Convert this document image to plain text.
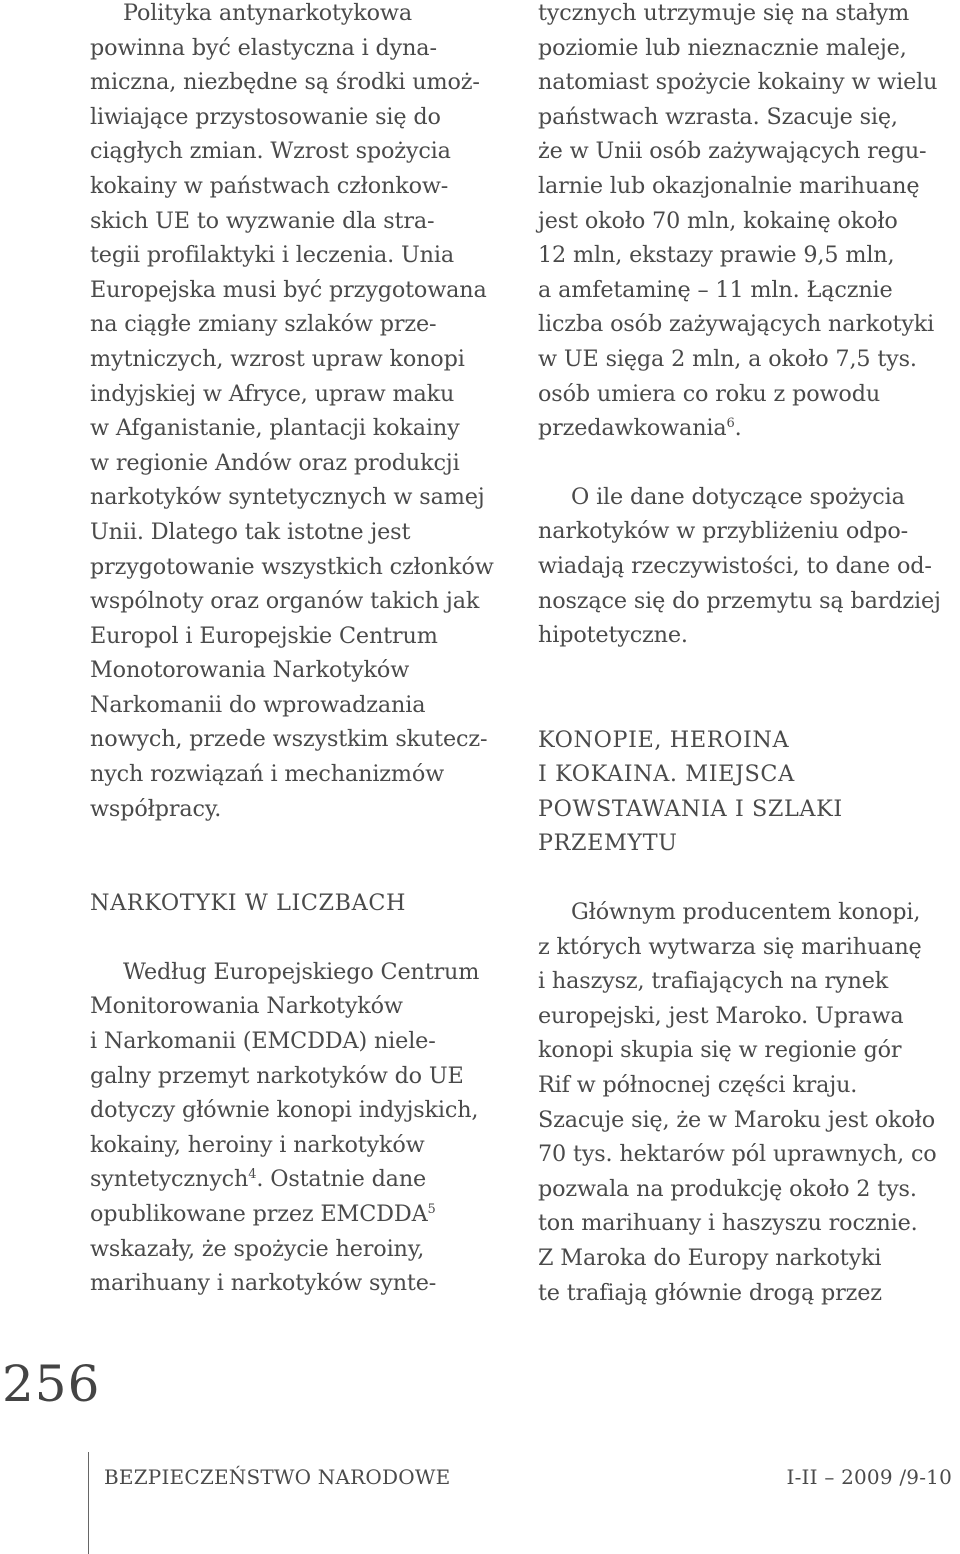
Polityka antynarkotykowa
powinna być elastyczna i dyna-
miczna, niezbędne są środki umoż-
liwiające przystosowanie się do
ciągłych zmian. Wzrost spożycia
kokainy w państwach członkow-
skich UE to wyzwanie dla stra-
tegii profilaktyki i leczenia. Unia
Europejska musi być przygotowana
na ciągłe zmiany szlaków prze-
mytniczych, wzrost upraw konopi
indyjskiej w Afryce, upraw maku
w Afganistanie, plantacji kokainy
w regionie Andów oraz produkcji
narkotyków syntetycznych w samej
Unii. Dlatego tak istotne jest
przygotowanie wszystkich członków
wspólnoty oraz organów takich jak
Europol i Europejskie Centrum
Monotorowania Narkotyków
Narkomanii do wprowadzania
nowych, przede wszystkim skutecz-
nych rozwiązań i mechanizmów
współpracy.
NARKOTYKI W LICZBACH
Według Europejskiego Centrum
Monitorowania Narkotyków
i Narkomanii (EMCDDA) niele-
galny przemyt narkotyków do UE
dotyczy głównie konopi indyjskich,
kokainy, heroiny i narkotyków
syntetycznych$^4$. Ostatnie dane
opublikowane przez EMCDDA$^5$
wskazały, że spożycie heroiny,
marihuany i narkotyków synte-
tycznych utrzymuje się na stałym
poziomie lub nieznacznie maleje,
natomiast spożycie kokainy w wielu
państwach wzrasta. Szacuje się,
że w Unii osób zażywających regu-
larnie lub okazjonalnie marihuanę
jest około 70 mln, kokainę około
12 mln, ekstazy prawie 9,5 mln,
a amfetaminę – 11 mln. Łącznie
liczba osób zażywających narkotyki
w UE sięga 2 mln, a około 7,5 tys.
osób umiera co roku z powodu
przedawkowania$^6$.
O ile dane dotyczące spożycia
narkotyków w przybliżeniu odpo-
wiadają rzeczywistości, to dane od-
noszące się do przemytu są bardziej
hipotetyczne.
KONOPIE, HEROINA
I KOKAINA. MIEJSCA
POWSTAWANIA I SZLAKI
PRZEMYTU
Głównym producentem konopi,
z których wytwarza się marihuanę
i haszysz, trafiających na rynek
europejski, jest Maroko. Uprawa
konopi skupia się w regionie gór
Rif w północnej części kraju.
Szacuje się, że w Maroku jest około
70 tys. hektarów pól uprawnych, co
pozwala na produkcję około 2 tys.
ton marihuany i haszyszu rocznie.
Z Maroka do Europy narkotyki
te trafiają głównie drogą przez
256
BEZPIECZEŃSTWO NARODOWE	I-II – 2009 /9-10
